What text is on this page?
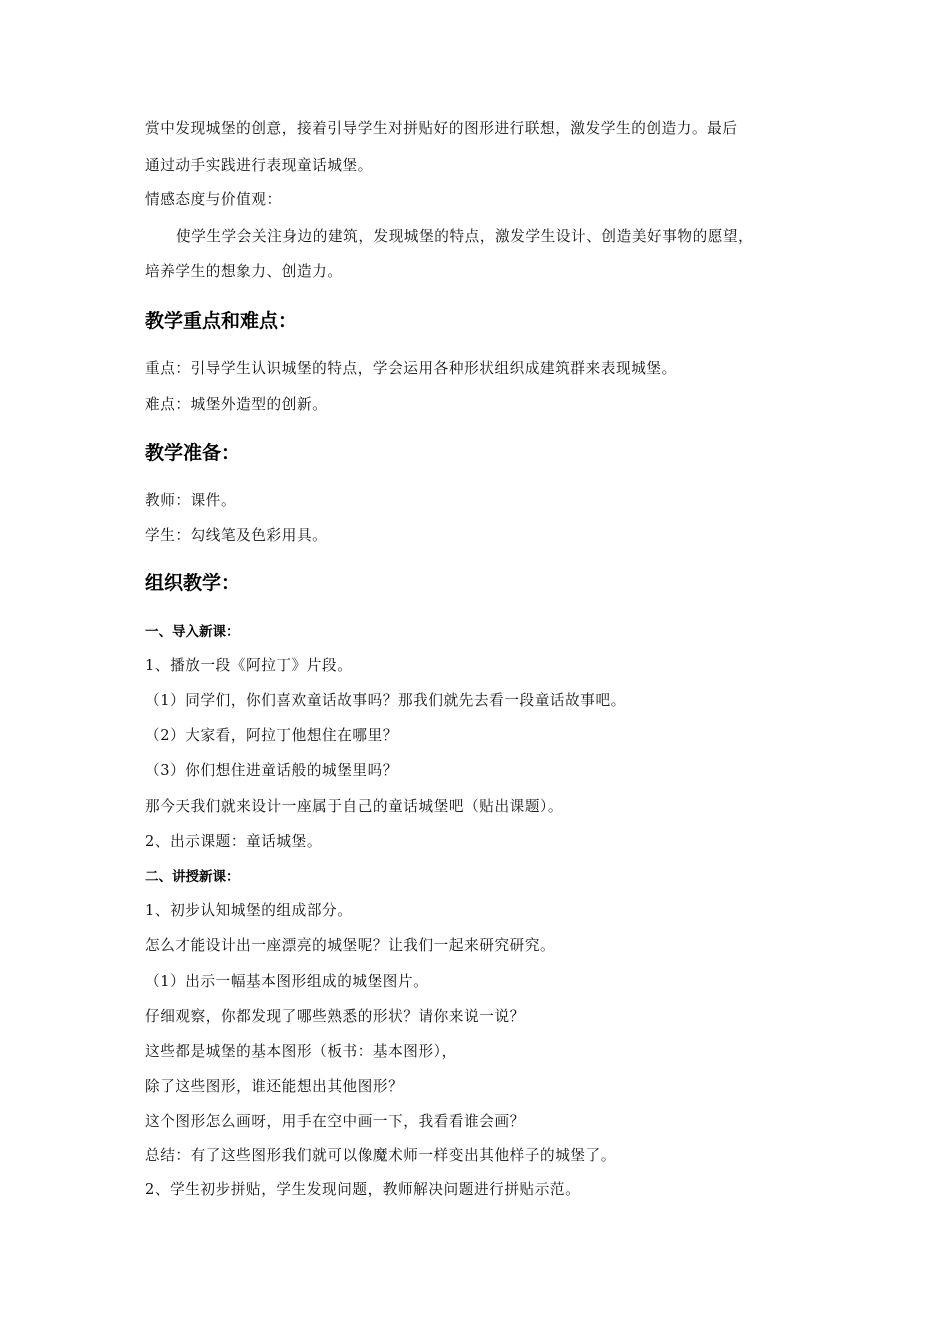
赏中发现城堡的创意，接着引导学生对拼贴好的图形进行联想，激发学生的创造力。最后
通过动手实践进行表现童话城堡。
情感态度与价值观：
使学生学会关注身边的建筑，发现城堡的特点，激发学生设计、创造美好事物的愿望，
培养学生的想象力、创造力。
教学重点和难点：
重点：引导学生认识城堡的特点，学会运用各种形状组织成建筑群来表现城堡。
难点：城堡外造型的创新。
教学准备：
教师：课件。
学生：勾线笔及色彩用具。
组织教学：
一、导入新课：
1、播放一段《阿拉丁》片段。
（1）同学们，你们喜欢童话故事吗？那我们就先去看一段童话故事吧。
（2）大家看，阿拉丁他想住在哪里？
（3）你们想住进童话般的城堡里吗？
那今天我们就来设计一座属于自己的童话城堡吧（贴出课题）。
2、出示课题：童话城堡。
二、讲授新课：
1、初步认知城堡的组成部分。
怎么才能设计出一座漂亮的城堡呢？让我们一起来研究研究。
（1）出示一幅基本图形组成的城堡图片。
仔细观察，你都发现了哪些熟悉的形状？请你来说一说？
这些都是城堡的基本图形（板书：基本图形），
除了这些图形，谁还能想出其他图形？
这个图形怎么画呀，用手在空中画一下，我看看谁会画？
总结：有了这些图形我们就可以像魔术师一样变出其他样子的城堡了。
2、学生初步拼贴，学生发现问题，教师解决问题进行拼贴示范。
